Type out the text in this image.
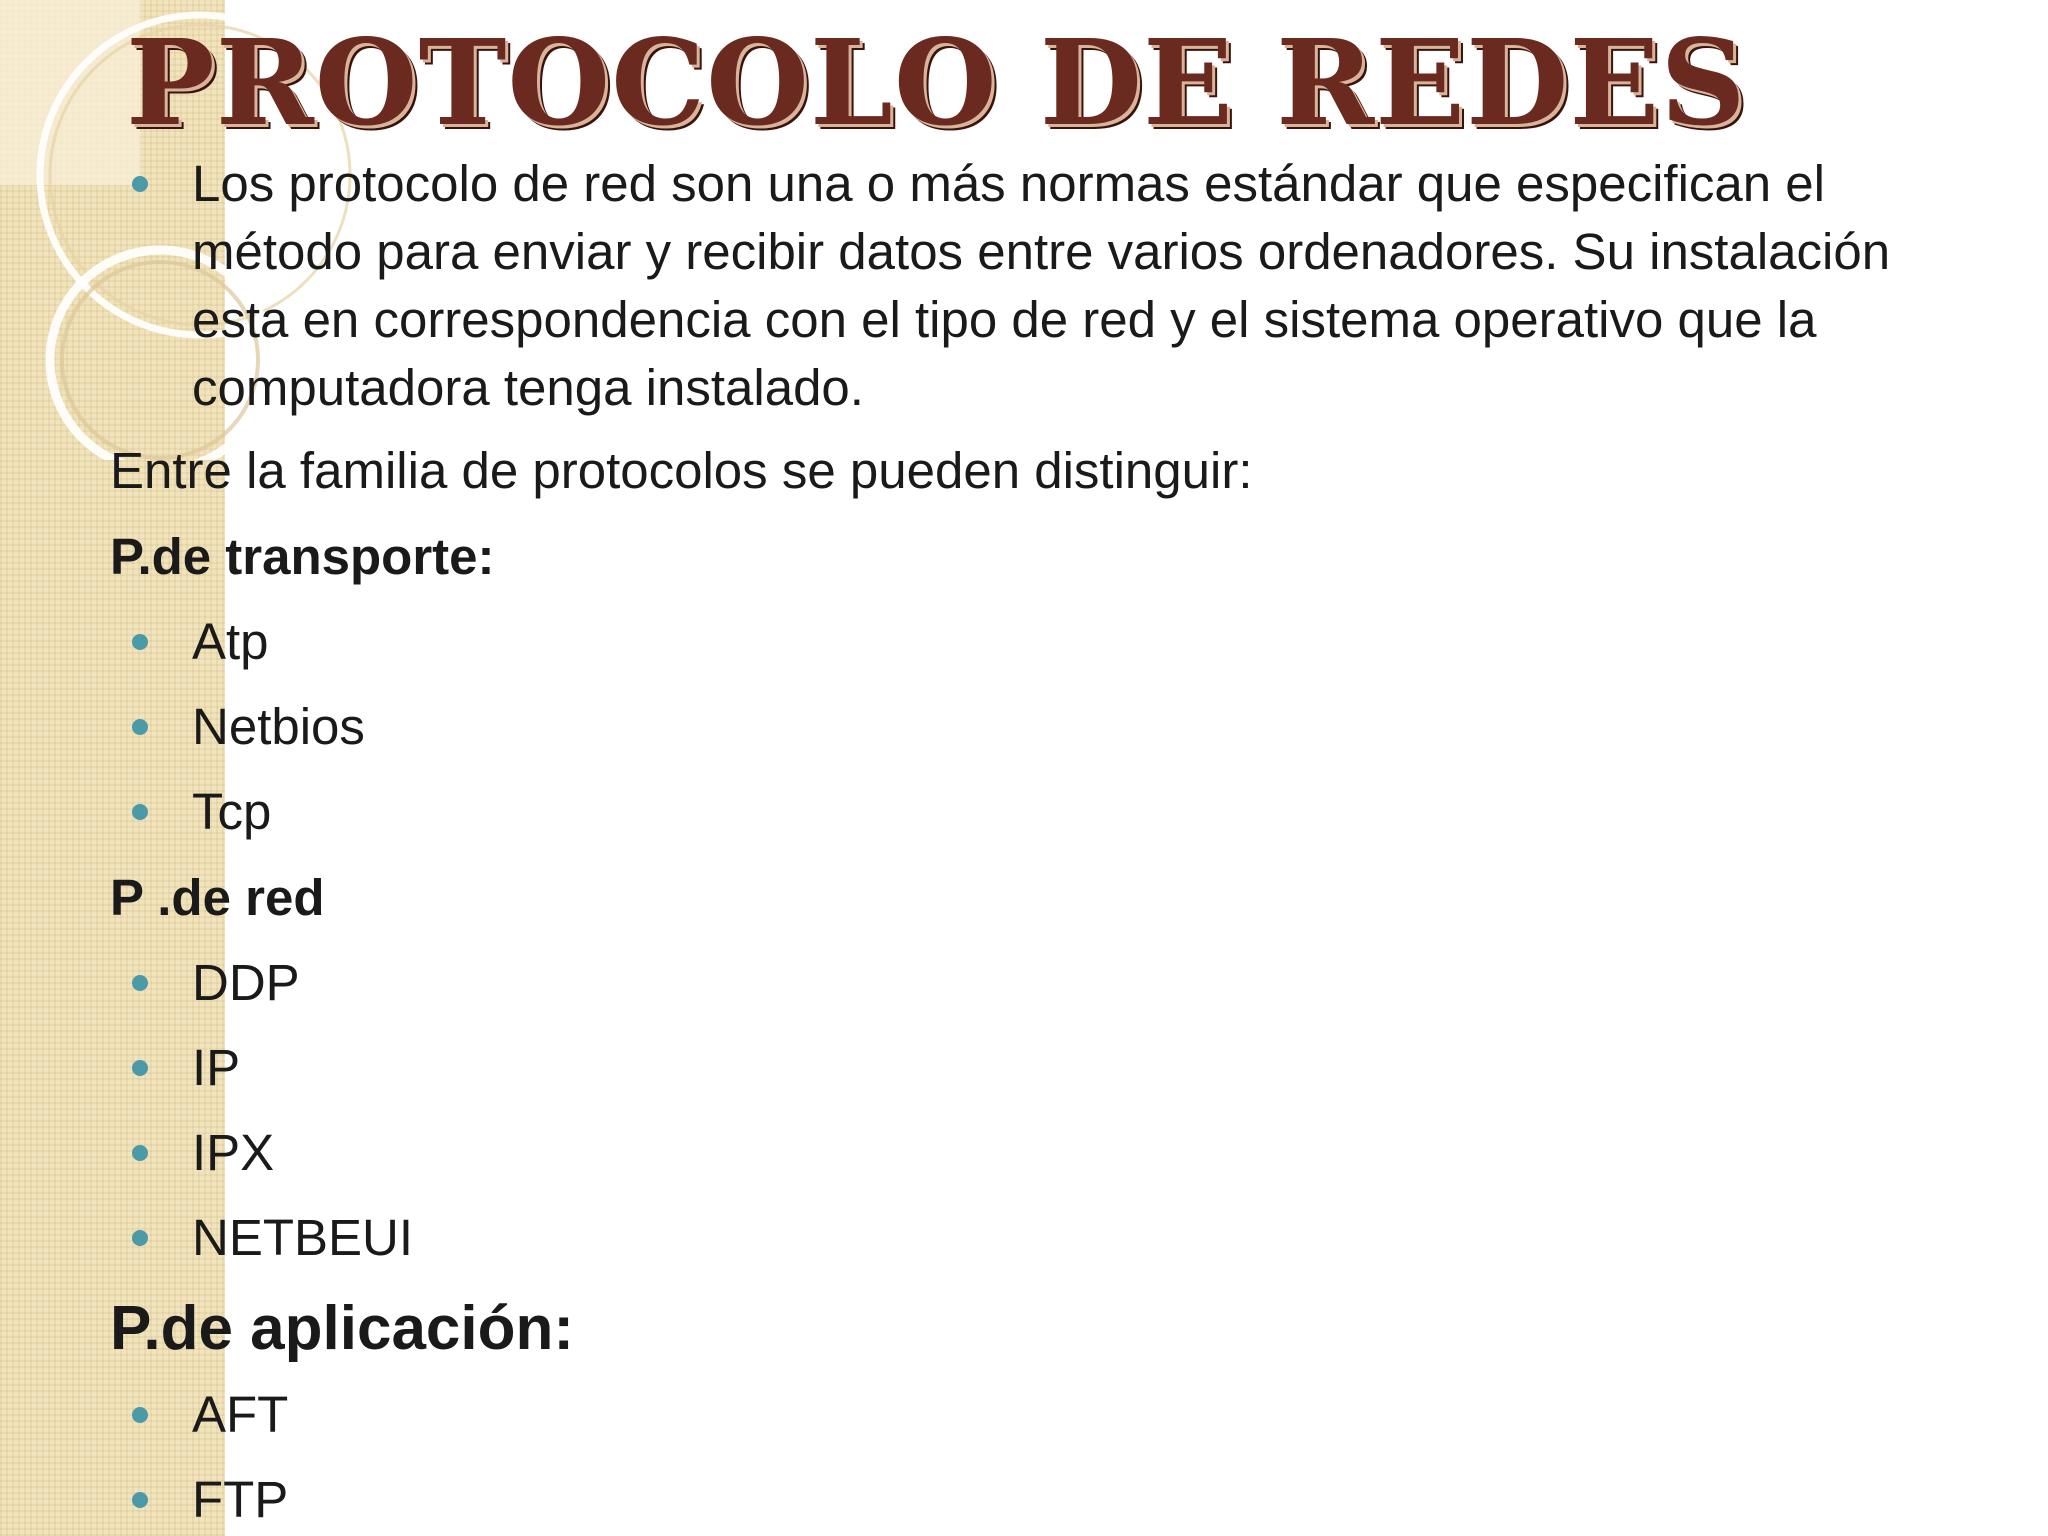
PROTOCOLO DE REDES
Los protocolo de red son una o más normas estándar que especifican el método para enviar y recibir datos entre varios ordenadores. Su instalación esta en correspondencia con el tipo de red y el sistema operativo que la computadora tenga instalado.
Entre la familia de protocolos se pueden distinguir:
P.de transporte:
Atp
Netbios
Tcp
P .de red
DDP
IP
IPX
NETBEUI
P.de aplicación:
AFT
FTP
